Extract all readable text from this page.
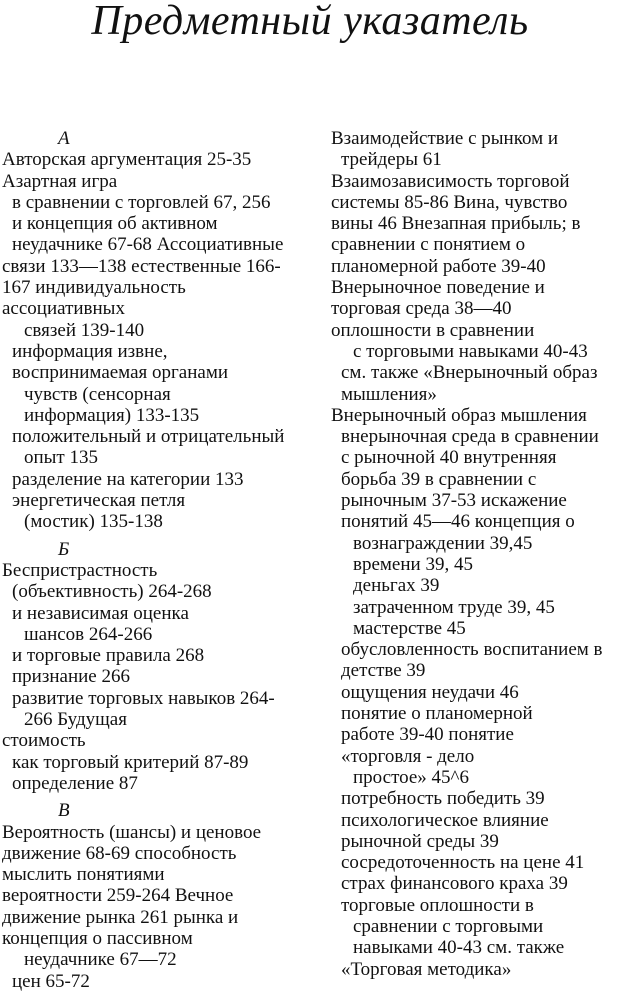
Предметный указатель
А
Авторская аргументация 25-35
Азартная игра
в сравнении с торговлей 67, 256
и концепция об активном
неудачнике 67-68 Ассоциативные
связи 133—138 естественные 166-
167 индивидуальность
ассоциативных
связей 139-140
информация извне,
воспринимаемая органами
чувств (сенсорная
информация) 133-135
положительный и отрицательный
опыт 135
разделение на категории 133
энергетическая петля
(мостик) 135-138
Б
Беспристрастность
(объективность) 264-268
и независимая оценка
шансов 264-266
и торговые правила 268
признание 266
развитие торговых навыков 264-
266 Будущая
стоимость
как торговый критерий 87-89
определение 87
В
Вероятность (шансы) и ценовое
движение 68-69 способность
мыслить понятиями
вероятности 259-264 Вечное
движение рынка 261 рынка и
концепция о пассивном
неудачнике 67—72
цен 65-72
Взаимодействие с рынком и
трейдеры 61
Взаимозависимость торговой
системы 85-86 Вина, чувство
вины 46 Внезапная прибыль; в
сравнении с понятием о
планомерной работе 39-40
Внерыночное поведение и
торговая среда 38—40
оплошности в сравнении
с торговыми навыками 40-43
см. также «Внерыночный образ
мышления»
Внерыночный образ мышления
внерыночная среда в сравнении
с рыночной 40 внутренняя
борьба 39 в сравнении с
рыночным 37-53 искажение
понятий 45—46 концепция о
вознаграждении 39,45
времени 39, 45
деньгах 39
затраченном труде 39, 45
мастерстве 45
обусловленность воспитанием в
детстве 39
ощущения неудачи 46
понятие о планомерной
работе 39-40 понятие
«торговля - дело
простое» 45^6
потребность победить 39
психологическое влияние
рыночной среды 39
сосредоточенность на цене 41
страх финансового краха 39
торговые оплошности в
сравнении с торговыми
навыками 40-43 см. также
«Торговая методика»
